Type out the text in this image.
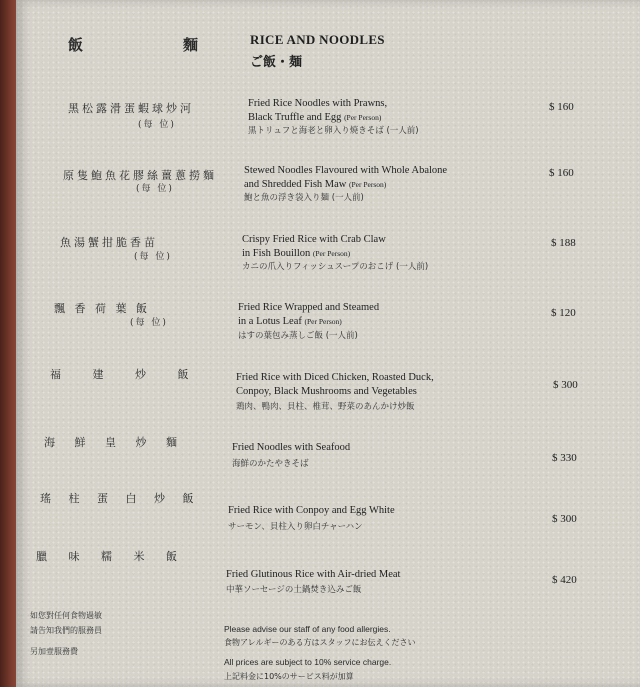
飯	麵	RICE AND NOODLES
ご飯・麺
黑松露滑蛋蝦球炒河
(每 位)
Fried Rice Noodles with Prawns,
Black Truffle and Egg (Per Person)
黒トリュフと海老と卵入り焼きそば (一人前)
$ 160
原隻鮑魚花膠絲薑蔥撈麵
(每 位)
Stewed Noodles Flavoured with Whole Abalone
and Shredded Fish Maw (Per Person)
鮑と魚の浮き袋入り麺 (一人前)
$ 160
魚湯蟹拑脆香苗
(每 位)
Crispy Fried Rice with Crab Claw
in Fish Bouillon (Per Person)
カニの爪入りフィッシュスープのおこげ (一人前)
$ 188
飄 香 荷 葉 飯
(每 位)
Fried Rice Wrapped and Steamed
in a Lotus Leaf (Per Person)
はすの葉包み蒸しご飯 (一人前)
$ 120
福 建 炒 飯	Fried Rice with Diced Chicken, Roasted Duck,
Conpoy, Black Mushrooms and Vegetables
鶏肉、鴨肉、貝柱、椎茸、野菜のあんかけ炒飯
$ 300
海 鮮 皇 炒 麵	Fried Noodles with Seafood
海鮮のかたやきそば	$ 330
瑤 柱 蛋 白 炒 飯
Fried Rice with Conpoy and Egg White
サーモン、貝柱入り卵白チャーハン
$ 300
臘 味 糯 米 飯
Fried Glutinous Rice with Air-dried Meat
中華ソーセージの土鍋焚き込みご飯
$ 420
如您對任何食物過敏
請告知我們的服務員
另加壹服務費
Please advise our staff of any food allergies.
食物アレルギーのある方はスタッフにお伝えください
All prices are subject to 10% service charge.
上記料金に10%のサービス料が加算
